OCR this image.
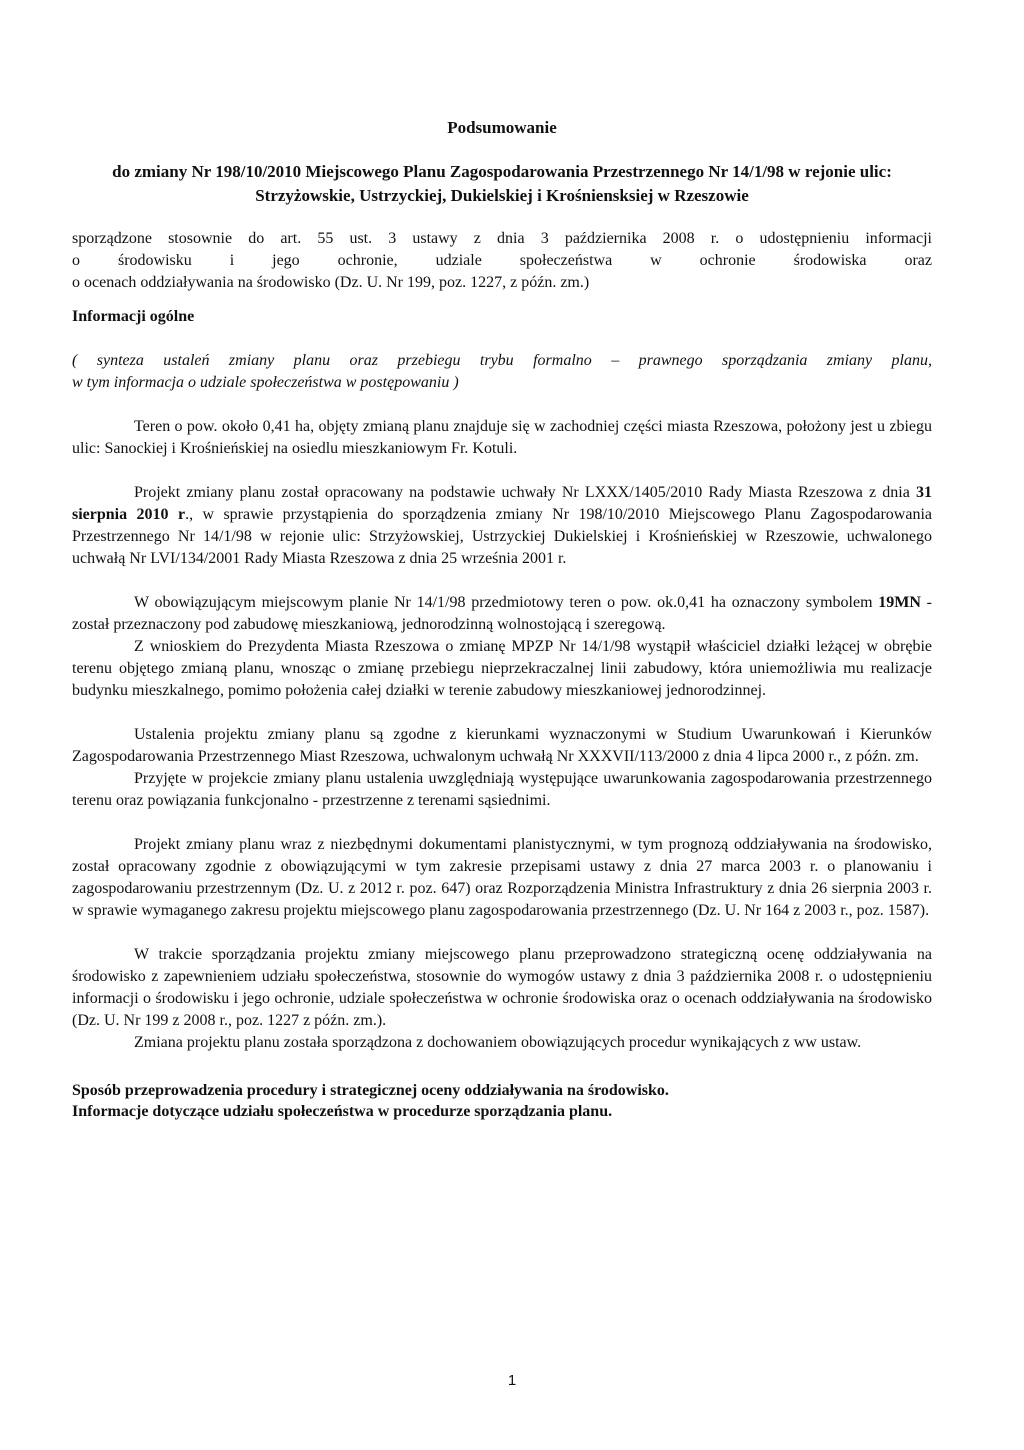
Podsumowanie
do zmiany Nr 198/10/2010 Miejscowego Planu Zagospodarowania Przestrzennego Nr 14/1/98 w rejonie ulic: Strzyżowskie, Ustrzyckiej, Dukielskiej i Krośniensksiej w Rzeszowie

sporządzone stosownie do art. 55 ust. 3 ustawy z dnia 3 października 2008 r. o udostępnieniu informacji

o środowisku i jego ochronie, udziale społeczeństwa w ochronie środowiska oraz

o ocenach oddziaływania na środowisko (Dz. U. Nr 199, poz. 1227, z późn. zm.)

Informacji ogólne

( synteza ustaleń zmiany planu oraz przebiegu trybu formalno – prawnego sporządzania zmiany planu,

w tym informacja o udziale społeczeństwa w postępowaniu )

Teren o pow. około 0,41 ha, objęty zmianą planu znajduje się w zachodniej części miasta Rzeszowa, położony jest u zbiegu ulic: Sanockiej i Krośnieńskiej na osiedlu mieszkaniowym Fr. Kotuli.

Projekt zmiany planu został opracowany na podstawie uchwały Nr LXXX/1405/2010 Rady Miasta Rzeszowa z dnia 31 sierpnia 2010 r., w sprawie przystąpienia do sporządzenia zmiany Nr 198/10/2010 Miejscowego Planu Zagospodarowania Przestrzennego Nr 14/1/98 w rejonie ulic: Strzyżowskiej, Ustrzyckiej Dukielskiej i Krośnieńskiej w Rzeszowie, uchwalonego uchwałą Nr LVI/134/2001 Rady Miasta Rzeszowa z dnia 25 września 2001 r.

W obowiązującym miejscowym planie Nr 14/1/98 przedmiotowy teren o pow. ok.0,41 ha oznaczony symbolem 19MN - został przeznaczony pod zabudowę mieszkaniową, jednorodzinną wolnostojącą i szeregową.

Z wnioskiem do Prezydenta Miasta Rzeszowa o zmianę MPZP Nr 14/1/98 wystąpił właściciel działki leżącej w obrębie terenu objętego zmianą planu, wnosząc o zmianę przebiegu nieprzekraczalnej linii zabudowy, która uniemożliwia mu realizacje budynku mieszkalnego, pomimo położenia całej działki w terenie zabudowy mieszkaniowej jednorodzinnej.

Ustalenia projektu zmiany planu są zgodne z kierunkami wyznaczonymi w Studium Uwarunkowań i Kierunków Zagospodarowania Przestrzennego Miast Rzeszowa, uchwalonym uchwałą Nr XXXVII/113/2000 z dnia 4 lipca 2000 r., z późn. zm.

Przyjęte w projekcie zmiany planu ustalenia uwzględniają występujące uwarunkowania zagospodarowania przestrzennego terenu oraz powiązania funkcjonalno - przestrzenne z terenami sąsiednimi.

Projekt zmiany planu wraz z niezbędnymi dokumentami planistycznymi, w tym prognozą oddziaływania na środowisko, został opracowany zgodnie z obowiązującymi w tym zakresie przepisami ustawy z dnia 27 marca 2003 r. o planowaniu i zagospodarowaniu przestrzennym (Dz. U. z 2012 r. poz. 647) oraz Rozporządzenia Ministra Infrastruktury z dnia 26 sierpnia 2003 r. w sprawie wymaganego zakresu projektu miejscowego planu zagospodarowania przestrzennego (Dz. U. Nr 164 z 2003 r., poz. 1587).

W trakcie sporządzania projektu zmiany miejscowego planu przeprowadzono strategiczną ocenę oddziaływania na środowisko z zapewnieniem udziału społeczeństwa, stosownie do wymogów ustawy z dnia 3 października 2008 r. o udostępnieniu informacji o środowisku i jego ochronie, udziale społeczeństwa w ochronie środowiska oraz o ocenach oddziaływania na środowisko (Dz. U. Nr 199 z 2008 r., poz. 1227 z późn. zm.).

Zmiana projektu planu została sporządzona z dochowaniem obowiązujących procedur wynikających z ww ustaw.

Sposób przeprowadzenia procedury i strategicznej oceny oddziaływania na środowisko.

Informacje dotyczące udziału społeczeństwa w procedurze sporządzania planu.

1
